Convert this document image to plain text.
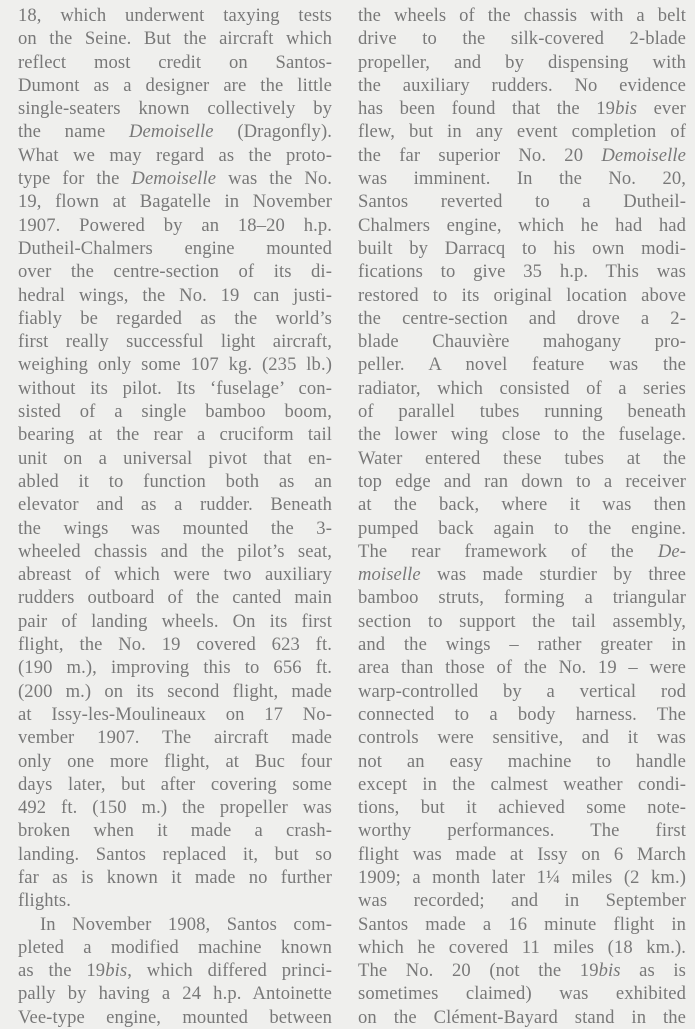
18, which underwent taxying tests
on the Seine. But the aircraft which
reflect most credit on Santos-
Dumont as a designer are the little
single-seaters known collectively by
the name Demoiselle (Dragonfly).
What we may regard as the proto-
type for the Demoiselle was the No.
19, flown at Bagatelle in November
1907. Powered by an 18–20 h.p.
Dutheil-Chalmers engine mounted
over the centre-section of its di-
hedral wings, the No. 19 can justi-
fiably be regarded as the world’s
first really successful light aircraft,
weighing only some 107 kg. (235 lb.)
without its pilot. Its ‘fuselage’ con-
sisted of a single bamboo boom,
bearing at the rear a cruciform tail
unit on a universal pivot that en-
abled it to function both as an
elevator and as a rudder. Beneath
the wings was mounted the 3-
wheeled chassis and the pilot’s seat,
abreast of which were two auxiliary
rudders outboard of the canted main
pair of landing wheels. On its first
flight, the No. 19 covered 623 ft.
(190 m.), improving this to 656 ft.
(200 m.) on its second flight, made
at Issy-les-Moulineaux on 17 No-
vember 1907. The aircraft made
only one more flight, at Buc four
days later, but after covering some
492 ft. (150 m.) the propeller was
broken when it made a crash-
landing. Santos replaced it, but so
far as is known it made no further
flights.
In November 1908, Santos com-
pleted a modified machine known
as the 19bis, which differed princi-
pally by having a 24 h.p. Antoinette
Vee-type engine, mounted between
the wheels of the chassis with a belt
drive to the silk-covered 2-blade
propeller, and by dispensing with
the auxiliary rudders. No evidence
has been found that the 19bis ever
flew, but in any event completion of
the far superior No. 20 Demoiselle
was imminent. In the No. 20,
Santos reverted to a Dutheil-
Chalmers engine, which he had had
built by Darracq to his own modi-
fications to give 35 h.p. This was
restored to its original location above
the centre-section and drove a 2-
blade Chauvière mahogany pro-
peller. A novel feature was the
radiator, which consisted of a series
of parallel tubes running beneath
the lower wing close to the fuselage.
Water entered these tubes at the
top edge and ran down to a receiver
at the back, where it was then
pumped back again to the engine.
The rear framework of the De-
moiselle was made sturdier by three
bamboo struts, forming a triangular
section to support the tail assembly,
and the wings – rather greater in
area than those of the No. 19 – were
warp-controlled by a vertical rod
connected to a body harness. The
controls were sensitive, and it was
not an easy machine to handle
except in the calmest weather condi-
tions, but it achieved some note-
worthy performances. The first
flight was made at Issy on 6 March
1909; a month later 1¼ miles (2 km.)
was recorded; and in September
Santos made a 16 minute flight in
which he covered 11 miles (18 km.).
The No. 20 (not the 19bis as is
sometimes claimed) was exhibited
on the Clément-Bayard stand in the
